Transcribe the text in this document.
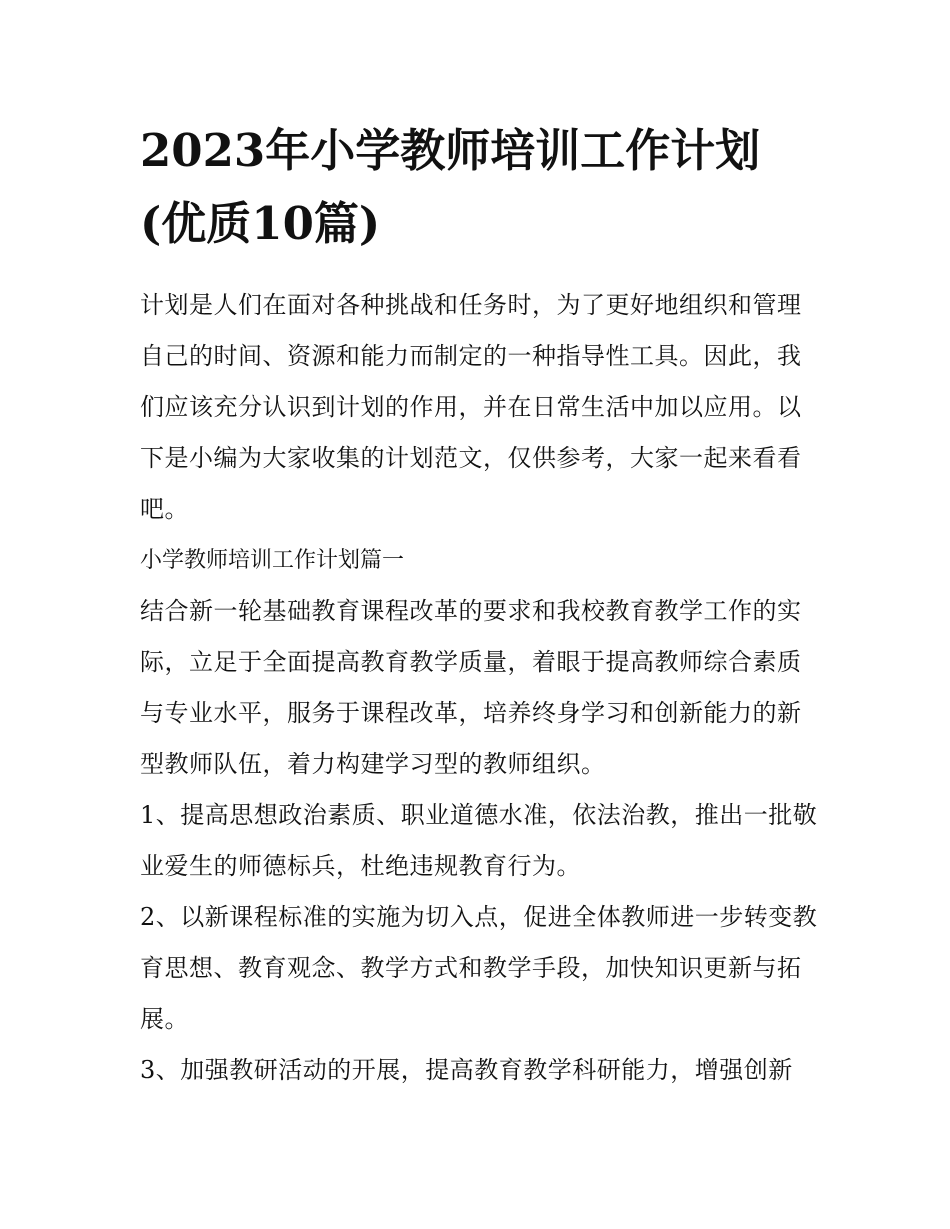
2023年小学教师培训工作计划(优质10篇)

计划是人们在面对各种挑战和任务时，为了更好地组织和管理自己的时间、资源和能力而制定的一种指导性工具。因此，我们应该充分认识到计划的作用，并在日常生活中加以应用。以下是小编为大家收集的计划范文，仅供参考，大家一起来看看吧。

小学教师培训工作计划篇一

结合新一轮基础教育课程改革的要求和我校教育教学工作的实际，立足于全面提高教育教学质量，着眼于提高教师综合素质与专业水平，服务于课程改革，培养终身学习和创新能力的新型教师队伍，着力构建学习型的教师组织。

1、提高思想政治素质、职业道德水准，依法治教，推出一批敬业爱生的师德标兵，杜绝违规教育行为。

2、以新课程标准的实施为切入点，促进全体教师进一步转变教育思想、教育观念、教学方式和教学手段，加快知识更新与拓展。

3、加强教研活动的开展，提高教育教学科研能力，增强创新
